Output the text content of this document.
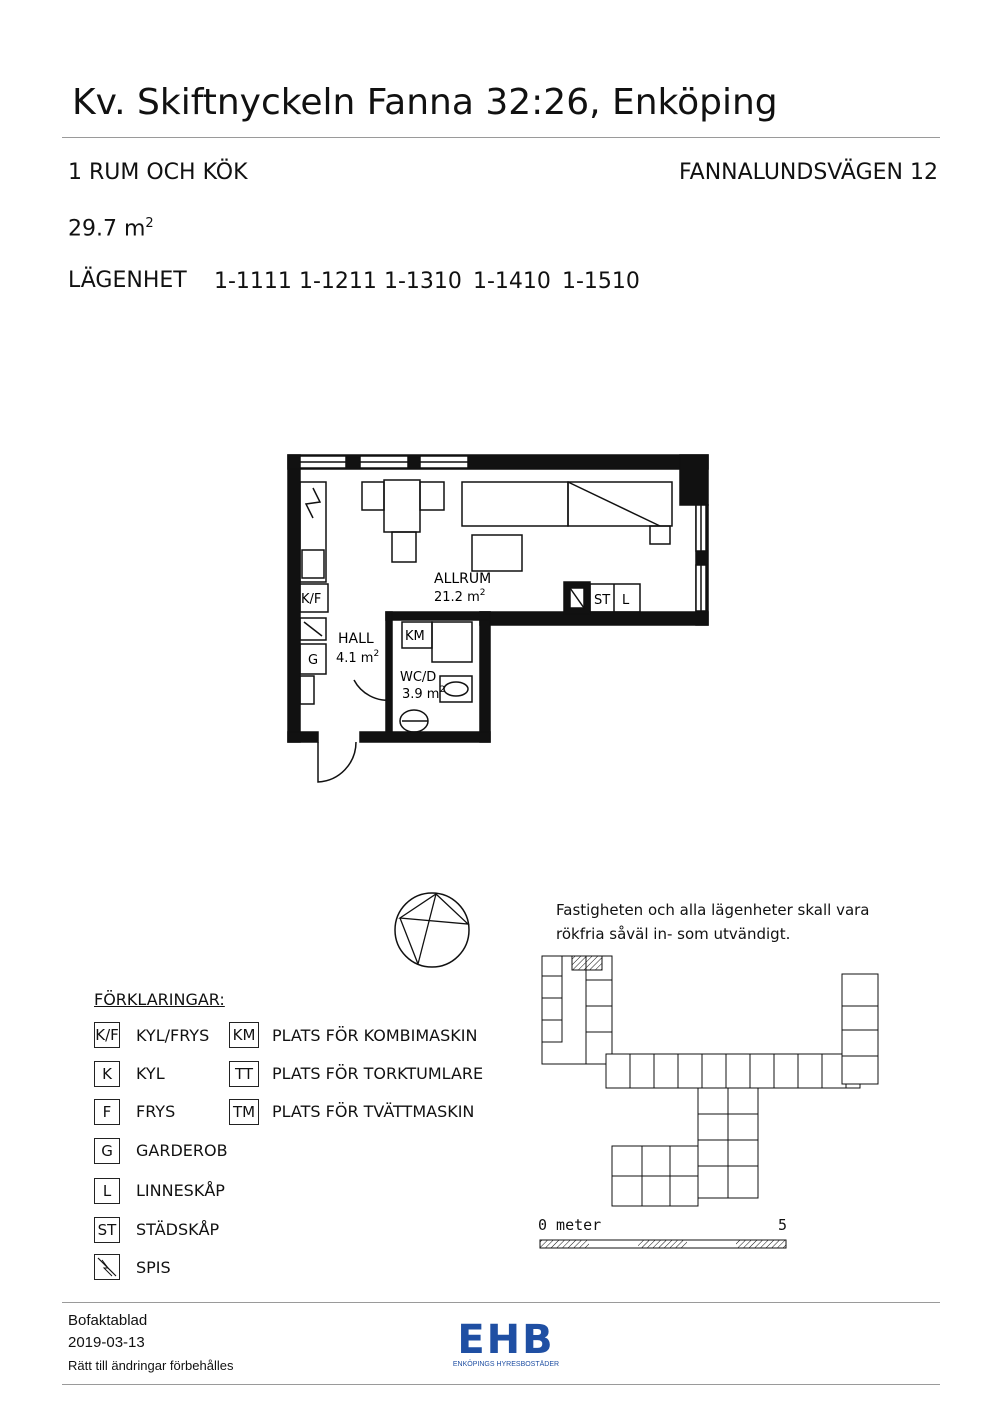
Kv. Skiftnyckeln Fanna 32:26, Enköping
1 RUM OCH KÖK	FANNALUNDSVÄGEN 12
29.7 $m^2$
LÄGENHET 1-1111 1-1211 1-1310 1-1410 1-1510
ALLRUM
21.2 $m^2$
HALL
4.1 $m^2$
WC/D
3.9 $m^2$
K/F
G
KM
ST L
Fastigheten och alla lägenheter skall vara
rökfria såväl in- som utvändigt.
0 meter	5
FÖRKLARINGAR:
K/F KYL/FRYS
K	KYL
F	FRYS
G	GARDEROB
L	LINNESKÅP
ST STÄDSKÅP
SPIS
KM PLATS FÖR KOMBIMASKIN
TT	PLATS FÖR TORKTUMLARE
TM PLATS FÖR TVÄTTMASKIN
Bofaktablad
2019-03-13
Rätt till ändringar förbehålles
EHB
ENKÖPINGS HYRESBOSTÄDER
